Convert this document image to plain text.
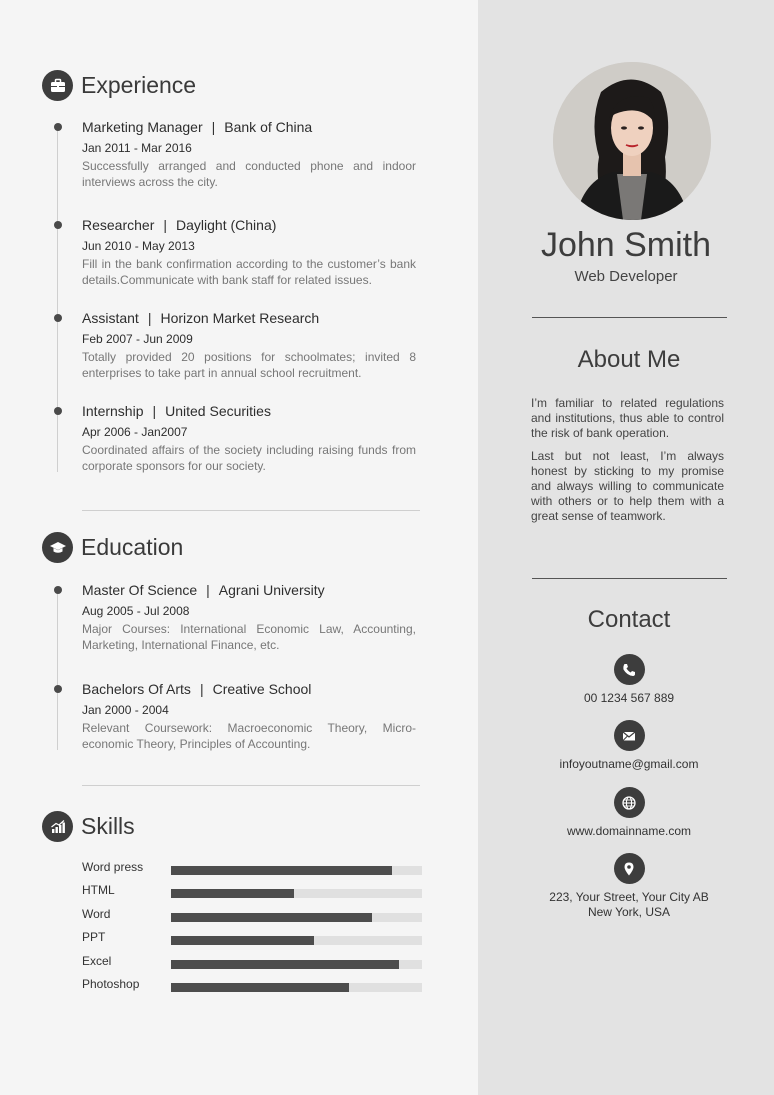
Experience
Marketing Manager | Bank of China
Jan 2011 - Mar 2016
Successfully arranged and conducted phone and indoor interviews across the city.
Researcher | Daylight (China)
Jun 2010 - May 2013
Fill in the bank confirmation according to the customer’s bank details.Communicate with bank staff for related issues.
Assistant | Horizon Market Research
Feb 2007 - Jun 2009
Totally provided 20 positions for schoolmates; invited 8 enterprises to take part in annual school recruitment.
Internship | United Securities
Apr 2006 - Jan2007
Coordinated affairs of the society including raising funds from corporate sponsors for our society.
Education
Master Of Science | Agrani University
Aug 2005 - Jul 2008
Major Courses: International Economic Law, Accounting, Marketing, International Finance, etc.
Bachelors Of Arts | Creative School
Jan 2000 - 2004
Relevant Coursework: Macroeconomic Theory, Micro-economic Theory, Principles of Accounting.
Skills
Word press
HTML
Word
PPT
Excel
Photoshop
John Smith
Web Developer
About Me

I’m familiar to related regulations and institutions, thus able to control the risk of bank operation.

Last but not least, I’m always honest by sticking to my promise and always willing to communicate with others or to help them with a great sense of teamwork.

Contact
00 1234 567 889
infoyoutname@gmail.com
www.domainname.com
223, Your Street, Your City AB
New York, USA
